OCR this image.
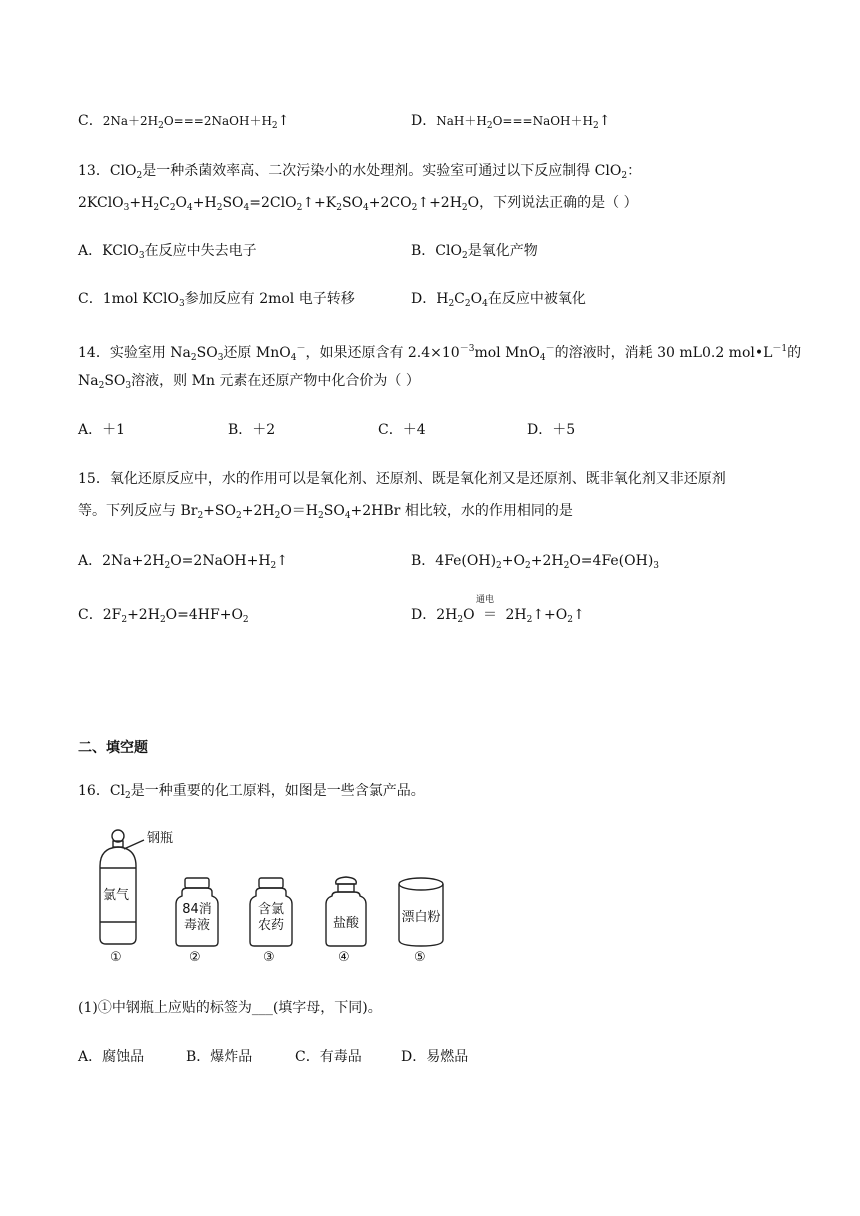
C．$2Na+2H_2O===2NaOH+H_2↑$	D．$NaH+H_2O===NaOH+H_2↑$
13．ClO$_2$是一种杀菌效率高、二次污染小的水处理剂。实验室可通过以下反应制得 ClO$_2$：
$2KClO_3+H_2C_2O_4+H_2SO_4=2ClO_2↑+K_2SO_4+2CO_2↑+2H_2O$，下列说法正确的是（ ）
A．KClO$_3$在反应中失去电子	B．ClO$_2$是氧化产物
C．1mol KClO$_3$参加反应有 2mol 电子转移	D．$H_2C_2O_4$在反应中被氧化
14．实验室用 $Na_2SO_3$还原 MnO$_4$－，如果还原含有 $2.4\times 10^{-3}mol$ MnO$_4$－的溶液时，消耗 30 mL0.2 $mol•L^{-1}$的
$Na_2SO_3$溶液，则 Mn 元素在还原产物中化合价为（ ）
A．＋1	B．＋2	C．＋4	D．＋5
15．氧化还原反应中，水的作用可以是氧化剂、还原剂、既是氧化剂又是还原剂、既非氧化剂又非还原剂
等。下列反应与 $Br_2+SO_2+2H_2O=H_2SO_4+2HBr$ 相比较，水的作用相同的是
A．$2Na+2H_2O=2NaOH+H_2↑$	B．$4Fe(OH)_2+O_2+2H_2O=4Fe(OH)_3$
C．$2F_2+2H_2O=4HF+O_2$	D．$2H_2O$
通电
＝ $2H_2↑+O_2↑$
二、填空题
16．$Cl_2$是一种重要的化工原料，如图是一些含氯产品。
钢瓶
氯气
84消
毒液
含氯
农药	盐酸	漂白粉
①	②	③	④	⑤
(1)①中钢瓶上应贴的标签为___(填字母，下同)。
A．腐蚀品	B．爆炸品	C．有毒品	D．易燃品
